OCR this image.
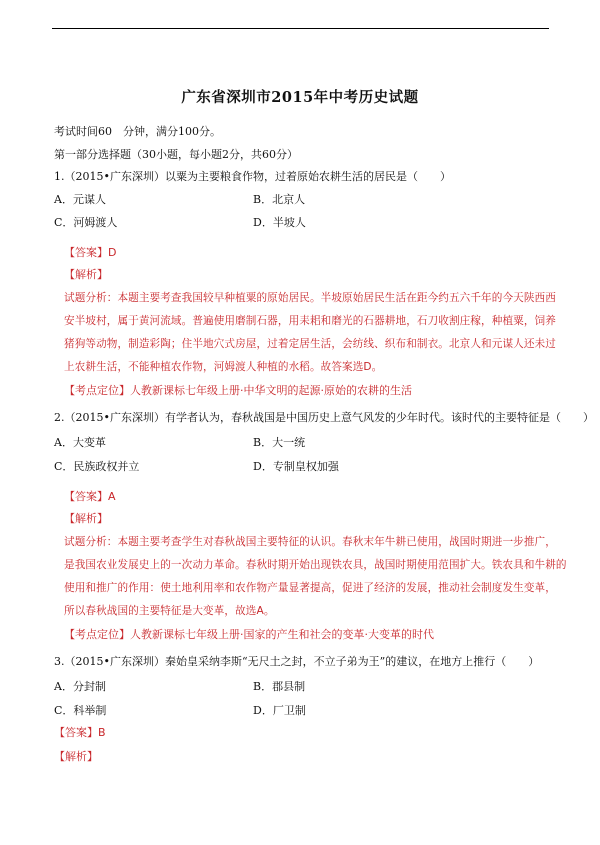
广东省深圳市2015年中考历史试题
考试时间60　分钟，满分100分。
第一部分选择题（30小题，每小题2分，共60分）
1.（2015•广东深圳）以粟为主要粮食作物，过着原始农耕生活的居民是（　　）
A．元谋人	B．北京人
C．河姆渡人	D．半坡人
【答案】D
【解析】
试题分析：本题主要考查我国较早种植粟的原始居民。半坡原始居民生活在距今约五六千年的今天陕西西
安半坡村，属于黄河流域。普遍使用磨制石器，用耒耜和磨光的石器耕地，石刀收割庄稼，种植粟，饲养
猪狗等动物，制造彩陶；住半地穴式房屋，过着定居生活，会纺线、织布和制衣。北京人和元谋人还未过
上农耕生活，不能种植农作物，河姆渡人种植的水稻。故答案选D。
【考点定位】人教新课标七年级上册·中华文明的起源·原始的农耕的生活
2.（2015•广东深圳）有学者认为，春秋战国是中国历史上意气风发的少年时代。该时代的主要特征是（　　）
A．大变革	B．大一统
C．民族政权并立	D．专制皇权加强
【答案】A
【解析】
试题分析：本题主要考查学生对春秋战国主要特征的认识。春秋末年牛耕已使用，战国时期进一步推广，
是我国农业发展史上的一次动力革命。春秋时期开始出现铁农具，战国时期使用范围扩大。铁农具和牛耕的
使用和推广的作用：使土地利用率和农作物产量显著提高，促进了经济的发展，推动社会制度发生变革，
所以春秋战国的主要特征是大变革，故选A。
【考点定位】人教新课标七年级上册·国家的产生和社会的变革·大变革的时代
3.（2015•广东深圳）秦始皇采纳李斯“无尺土之封，不立子弟为王”的建议，在地方上推行（　　）
A．分封制	B．郡县制
C．科举制	D．厂卫制
【答案】B
【解析】
